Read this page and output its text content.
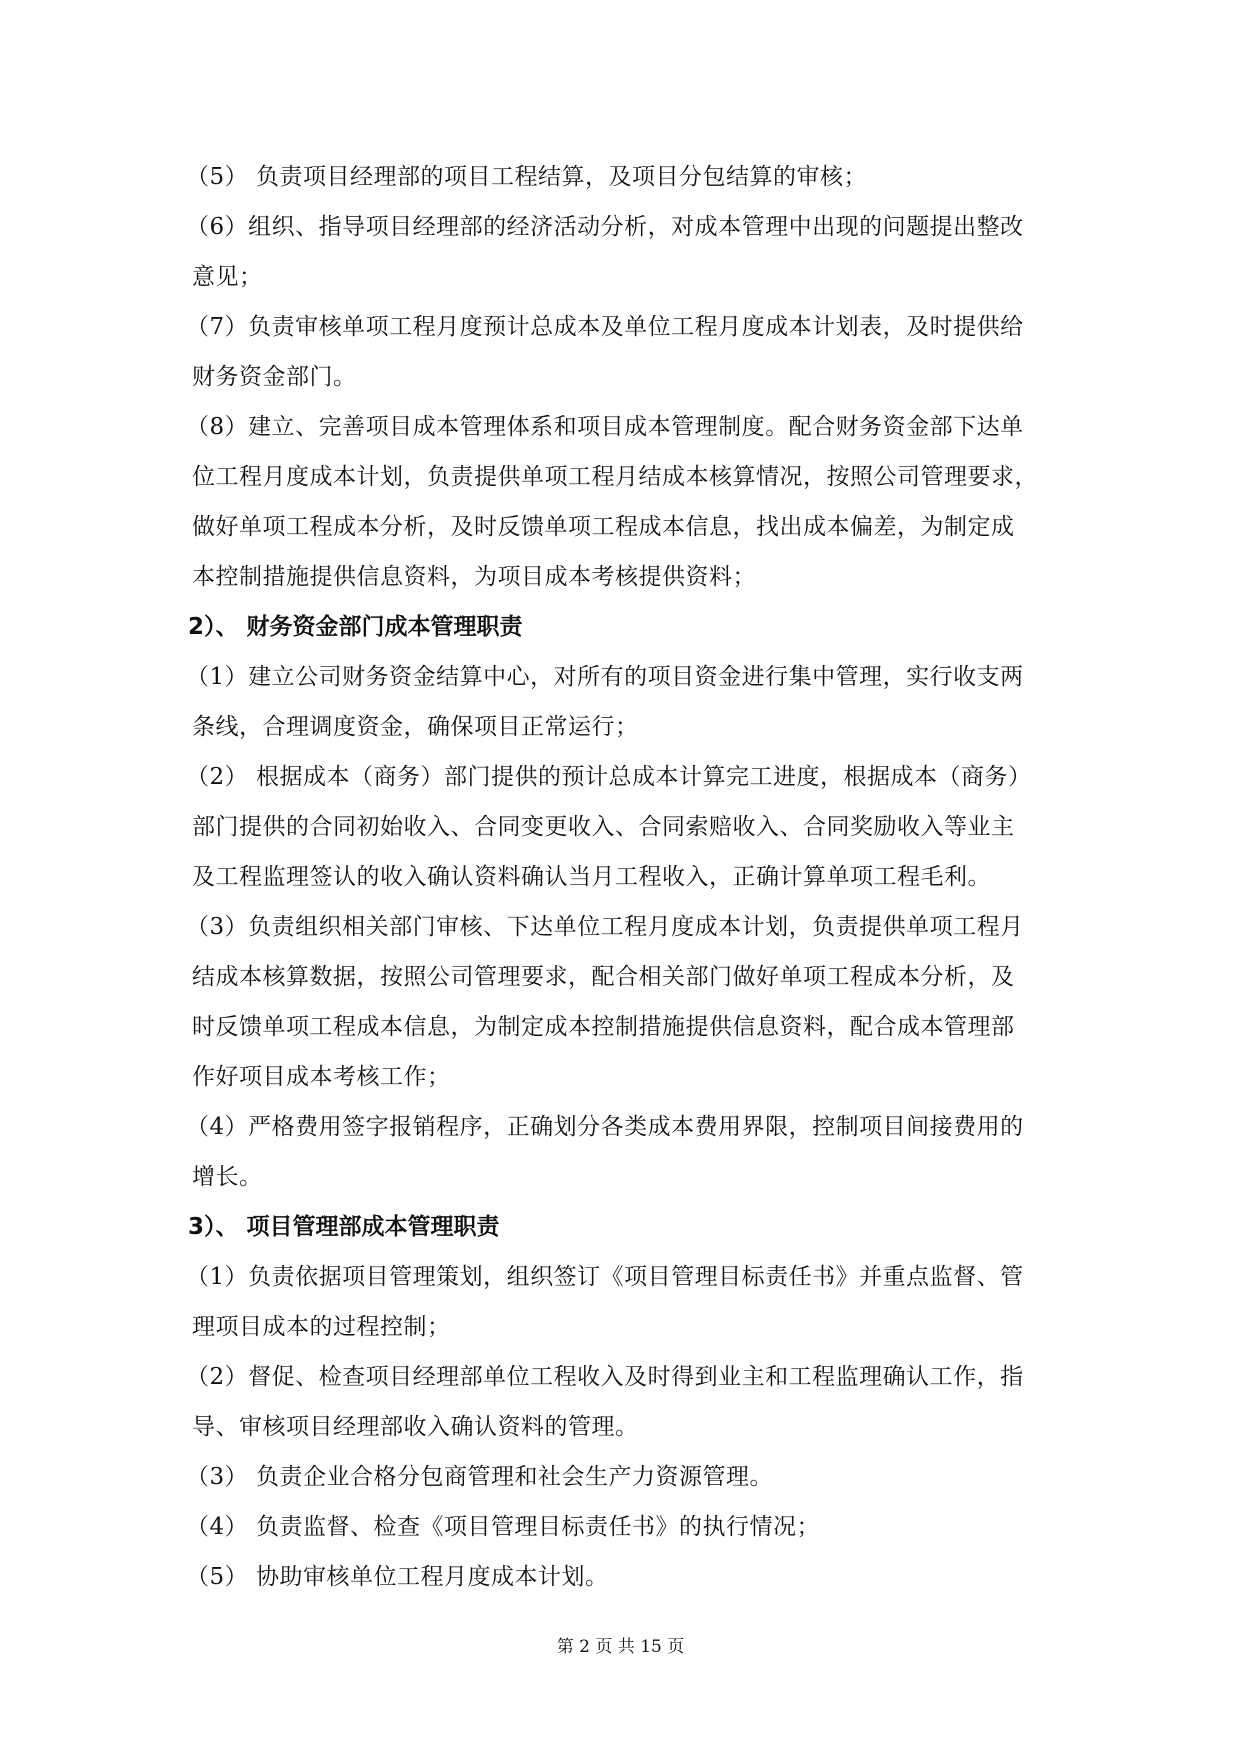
（5） 负责项目经理部的项目工程结算，及项目分包结算的审核；

（6）组织、指导项目经理部的经济活动分析，对成本管理中出现的问题提出整改

意见；

（7）负责审核单项工程月度预计总成本及单位工程月度成本计划表，及时提供给

财务资金部门。

（8）建立、完善项目成本管理体系和项目成本管理制度。配合财务资金部下达单

位工程月度成本计划，负责提供单项工程月结成本核算情况，按照公司管理要求，

做好单项工程成本分析，及时反馈单项工程成本信息，找出成本偏差，为制定成

本控制措施提供信息资料，为项目成本考核提供资料；

2）、 财务资金部门成本管理职责

（1）建立公司财务资金结算中心，对所有的项目资金进行集中管理，实行收支两

条线，合理调度资金，确保项目正常运行；

（2） 根据成本（商务）部门提供的预计总成本计算完工进度，根据成本（商务）

部门提供的合同初始收入、合同变更收入、合同索赔收入、合同奖励收入等业主

及工程监理签认的收入确认资料确认当月工程收入，正确计算单项工程毛利。

（3）负责组织相关部门审核、下达单位工程月度成本计划，负责提供单项工程月

结成本核算数据，按照公司管理要求，配合相关部门做好单项工程成本分析，及

时反馈单项工程成本信息，为制定成本控制措施提供信息资料，配合成本管理部

作好项目成本考核工作；

（4）严格费用签字报销程序，正确划分各类成本费用界限，控制项目间接费用的

增长。

3）、 项目管理部成本管理职责

（1）负责依据项目管理策划，组织签订《项目管理目标责任书》并重点监督、管

理项目成本的过程控制；

（2）督促、检查项目经理部单位工程收入及时得到业主和工程监理确认工作，指

导、审核项目经理部收入确认资料的管理。

（3） 负责企业合格分包商管理和社会生产力资源管理。

（4） 负责监督、检查《项目管理目标责任书》的执行情况；

（5） 协助审核单位工程月度成本计划。

第 2 页 共 15 页
